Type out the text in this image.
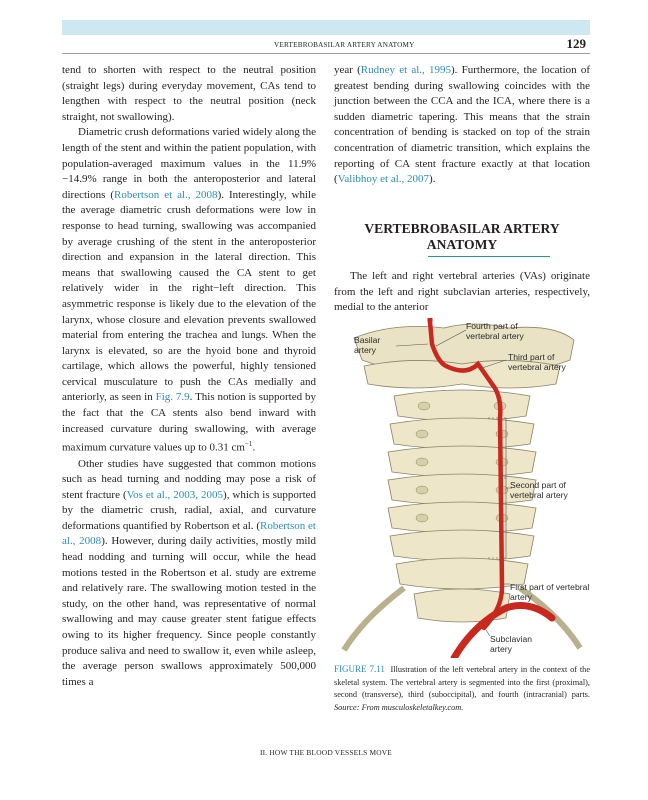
VERTEBROBASILAR ARTERY ANATOMY	129

tend to shorten with respect to the neutral position (straight legs) during everyday movement, CAs tend to lengthen with respect to the neutral position (neck straight, not swallowing).

Diametric crush deformations varied widely along the length of the stent and within the patient population, with population-averaged maximum values in the 11.9%−14.9% range in both the anteroposterior and lateral directions (Robertson et al., 2008). Interestingly, while the average diametric crush deformations were low in response to head turning, swallowing was accompanied by average crushing of the stent in the anteroposterior direction and expansion in the lateral direction. This means that swallowing caused the CA stent to get relatively wider in the right−left direction. This asymmetric response is likely due to the elevation of the larynx, whose closure and elevation prevents swallowed material from entering the trachea and lungs. When the larynx is elevated, so are the hyoid bone and thyroid cartilage, which allows the powerful, highly tensioned cervical musculature to push the CAs medially and anteriorly, as seen in Fig. 7.9. This notion is supported by the fact that the CA stents also bend inward with increased curvature during swallowing, with average maximum curvature values up to 0.31 $cm^{-1}$.

Other studies have suggested that common motions such as head turning and nodding may pose a risk of stent fracture (Vos et al., 2003, 2005), which is supported by the diametric crush, radial, axial, and curvature deformations quantified by Robertson et al. (Robertson et al., 2008). However, during daily activities, mostly mild head nodding and turning will occur, while the head motions tested in the Robertson et al. study are extreme and relatively rare. The swallowing motion tested in the study, on the other hand, was representative of normal swallowing and may cause greater stent fatigue effects owing to its higher frequency. Since people constantly produce saliva and need to swallow it, even while asleep, the average person swallows approximately 500,000 times a

year (Rudney et al., 1995). Furthermore, the location of greatest bending during swallowing coincides with the junction between the CCA and the ICA, where there is a sudden diametric tapering. This means that the strain concentration of bending is stacked on top of the strain concentration of diametric transition, which explains the reporting of CA stent fracture exactly at that location (Valibhoy et al., 2007).

VERTEBROBASILAR ARTERY ANATOMY

The left and right vertebral arteries (VAs) originate from the left and right subclavian arteries, respectively, medial to the anterior

Basilar artery
Fourth part of vertebral artery
Third part of vertebral artery
Second part of vertebral artery
First part of vertebral artery
Subclavian artery
FIGURE 7.11 Illustration of the left vertebral artery in the context of the skeletal system. The vertebral artery is segmented into the first (proximal), second (transverse), third (suboccipital), and fourth (intracranial) parts. Source: From musculoskeletalkey.com.
II. HOW THE BLOOD VESSELS MOVE
